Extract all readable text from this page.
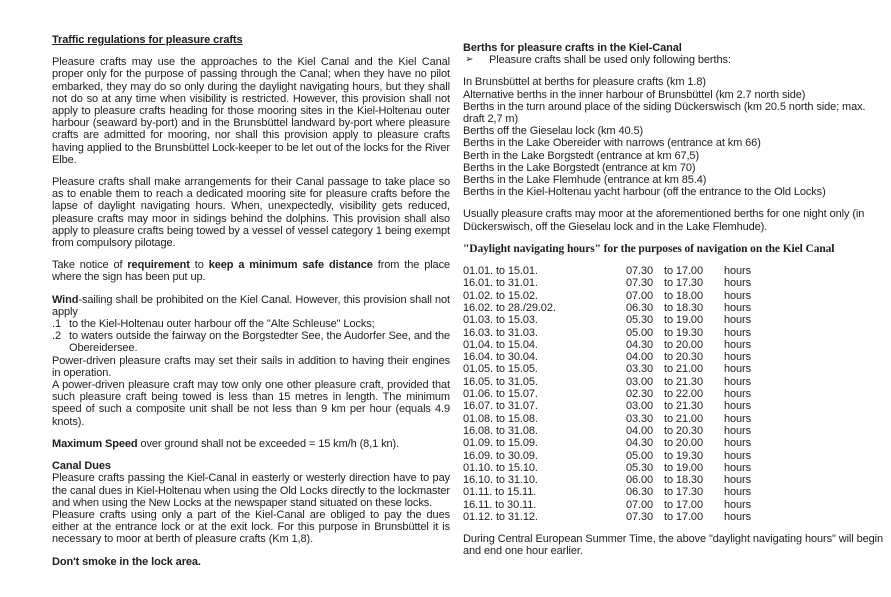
Traffic regulations for pleasure crafts

Pleasure crafts may use the approaches to the Kiel Canal and the Kiel Canal proper only for the purpose of passing through the Canal; when they have no pilot embarked, they may do so only during the daylight navigating hours, but they shall not do so at any time when visibility is restricted. However, this provision shall not apply to pleasure crafts heading for those mooring sites in the Kiel-Holtenau outer harbour (seaward by-port) and in the Brunsbüttel landward by-port where pleasure crafts are admitted for mooring, nor shall this provision apply to pleasure crafts having applied to the Brunsbüttel Lock-keeper to be let out of the locks for the River Elbe.

Pleasure crafts shall make arrangements for their Canal passage to take place so as to enable them to reach a dedicated mooring site for pleasure crafts before the lapse of daylight navigating hours. When, unexpectedly, visibility gets reduced, pleasure crafts may moor in sidings behind the dolphins. This provision shall also apply to pleasure crafts being towed by a vessel of vessel category 1 being exempt from compulsory pilotage.

Take notice of requirement to keep a minimum safe distance from the place where the sign has been put up.

Wind-sailing shall be prohibited on the Kiel Canal. However, this provision shall not apply

.1 to the Kiel-Holtenau outer harbour off the "Alte Schleuse" Locks;
.2 to waters outside the fairway on the Borgstedter See, the Audorfer See, and the Obereidersee.

Power-driven pleasure crafts may set their sails in addition to having their engines in operation.

A power-driven pleasure craft may tow only one other pleasure craft, provided that such pleasure craft being towed is less than 15 metres in length. The minimum speed of such a composite unit shall be not less than 9 km per hour (equals 4.9 knots).

Maximum Speed over ground shall not be exceeded = 15 km/h (8,1 kn).

Canal Dues

Pleasure crafts passing the Kiel-Canal in easterly or westerly direction have to pay the canal dues in Kiel-Holtenau when using the Old Locks directly to the lockmaster and when using the New Locks at the newspaper stand situated on these locks.

Pleasure crafts using only a part of the Kiel-Canal are obliged to pay the dues either at the entrance lock or at the exit lock. For this purpose in Brunsbüttel it is necessary to moor at berth of pleasure crafts (Km 1,8).

Don't smoke in the lock area.

Berths for pleasure crafts in the Kiel-Canal
➢	Pleasure crafts shall be used only following berths:
In Brunsbüttel at berths for pleasure crafts (km 1.8)
Alternative berths in the inner harbour of Brunsbüttel (km 2.7 north side)
Berths in the turn around place of the siding Dückerswisch (km 20.5 north side; max. draft 2,7 m)
Berths off the Gieselau lock (km 40.5)
Berths in the Lake Obereider with narrows (entrance at km 66)
Berth in the Lake Borgstedt (entrance at km 67,5)
Berths in the Lake Borgstedt (entrance at km 70)
Berths in the Lake Flemhude (entrance at km 85.4)
Berths in the Kiel-Holtenau yacht harbour (off the entrance to the Old Locks)

Usually pleasure crafts may moor at the aforementioned berths for one night only (in Dückerswisch, off the Gieselau lock and in the Lake Flemhude).

"Daylight navigating hours" for the purposes of navigation on the Kiel Canal
01.01. to 15.01.	07.30 to 17.00	hours
16.01. to 31.01.	07.30 to 17.30	hours
01.02. to 15.02.	07.00 to 18.00	hours
16.02. to 28./29.02.	06.30 to 18.30	hours
01.03. to 15.03.	05.30 to 19.00	hours
16.03. to 31.03.	05.00 to 19.30	hours
01.04. to 15.04.	04.30 to 20.00	hours
16.04. to 30.04.	04.00 to 20.30	hours
01.05. to 15.05.	03.30 to 21.00	hours
16.05. to 31.05.	03.00 to 21.30	hours
01.06. to 15.07.	02.30 to 22.00	hours
16.07. to 31.07.	03.00 to 21.30	hours
01.08. to 15.08.	03.30 to 21.00	hours
16.08. to 31.08.	04.00 to 20.30	hours
01.09. to 15.09.	04.30 to 20.00	hours
16.09. to 30.09.	05.00 to 19.30	hours
01.10. to 15.10.	05.30 to 19.00	hours
16.10. to 31.10.	06.00 to 18.30	hours
01.11. to 15.11.	06.30 to 17.30	hours
16.11. to 30.11.	07.00 to 17.00	hours
01.12. to 31.12.	07.30 to 17.00	hours

During Central European Summer Time, the above "daylight navigating hours" will begin and end one hour earlier.
